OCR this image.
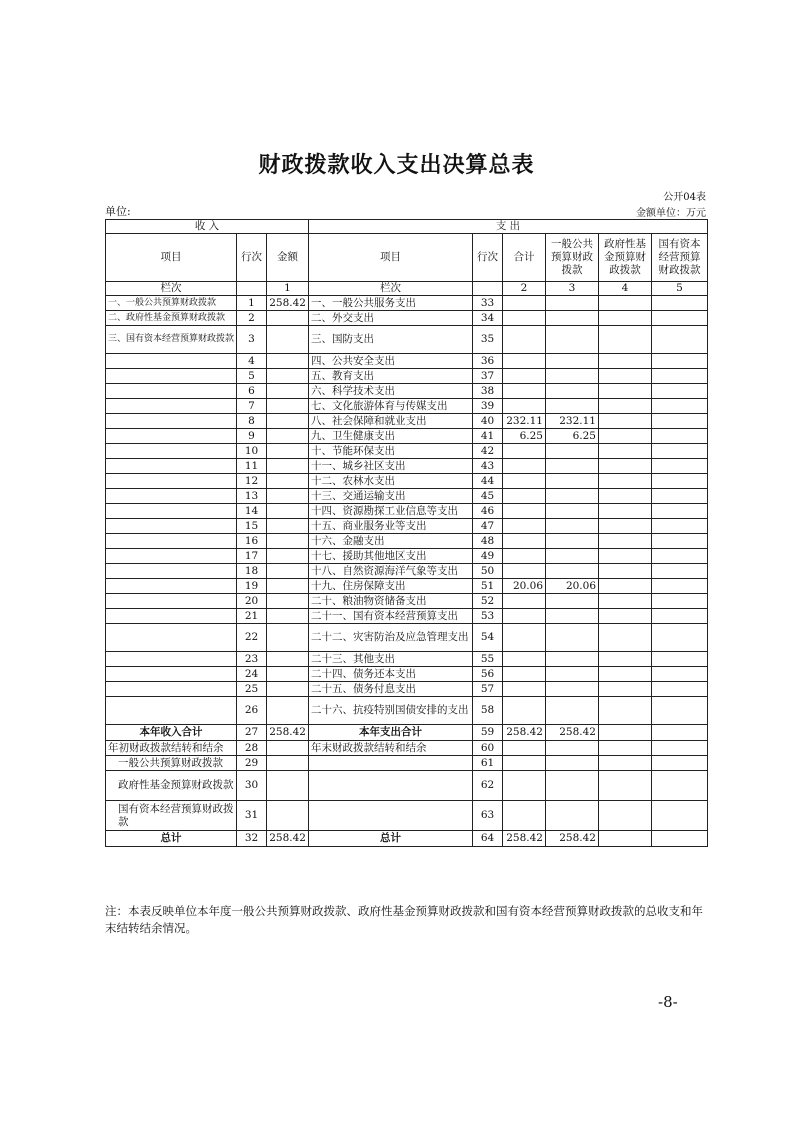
财政拨款收入支出决算总表
公开04表
单位:	金额单位：万元
收 入			支 出					
项目	行次	金额	项目	行次	合计	一般公共预算财政拨款	政府性基金预算财政拨款	国有资本经营预算财政拨款
栏次		1	栏次		2	3	4	5
一、一般公共预算财政拨款	1	258.42	一、一般公共服务支出	33				
二、政府性基金预算财政拨款	2		二、外交支出	34				
三、国有资本经营预算财政拨款	3		三、国防支出	35				
	4		四、公共安全支出	36				
	5		五、教育支出	37				
	6		六、科学技术支出	38				
	7		七、文化旅游体育与传媒支出	39				
	8		八、社会保障和就业支出	40	232.11	232.11		
	9		九、卫生健康支出	41	6.25	6.25		
	10		十、节能环保支出	42				
	11		十一、城乡社区支出	43				
	12		十二、农林水支出	44				
	13		十三、交通运输支出	45				
	14		十四、资源勘探工业信息等支出	46				
	15		十五、商业服务业等支出	47				
	16		十六、金融支出	48				
	17		十七、援助其他地区支出	49				
	18		十八、自然资源海洋气象等支出	50				
	19		十九、住房保障支出	51	20.06	20.06		
	20		二十、粮油物资储备支出	52				
	21		二十一、国有资本经营预算支出	53				
	22		二十二、灾害防治及应急管理支出	54				
	23		二十三、其他支出	55				
	24		二十四、债务还本支出	56				
	25		二十五、债务付息支出	57				
	26		二十六、抗疫特别国债安排的支出	58				
本年收入合计	27	258.42	本年支出合计	59	258.42	258.42		
年初财政拨款结转和结余	28		年末财政拨款结转和结余	60				
一般公共预算财政拨款	29			61				
政府性基金预算财政拨款	30			62				
国有资本经营预算财政拨款	31			63				
总计	32	258.42	总计	64	258.42	258.42		
注：本表反映单位本年度一般公共预算财政拨款、政府性基金预算财政拨款和国有资本经营预算财政拨款的总收支和年末结转结余情况。
-8-
